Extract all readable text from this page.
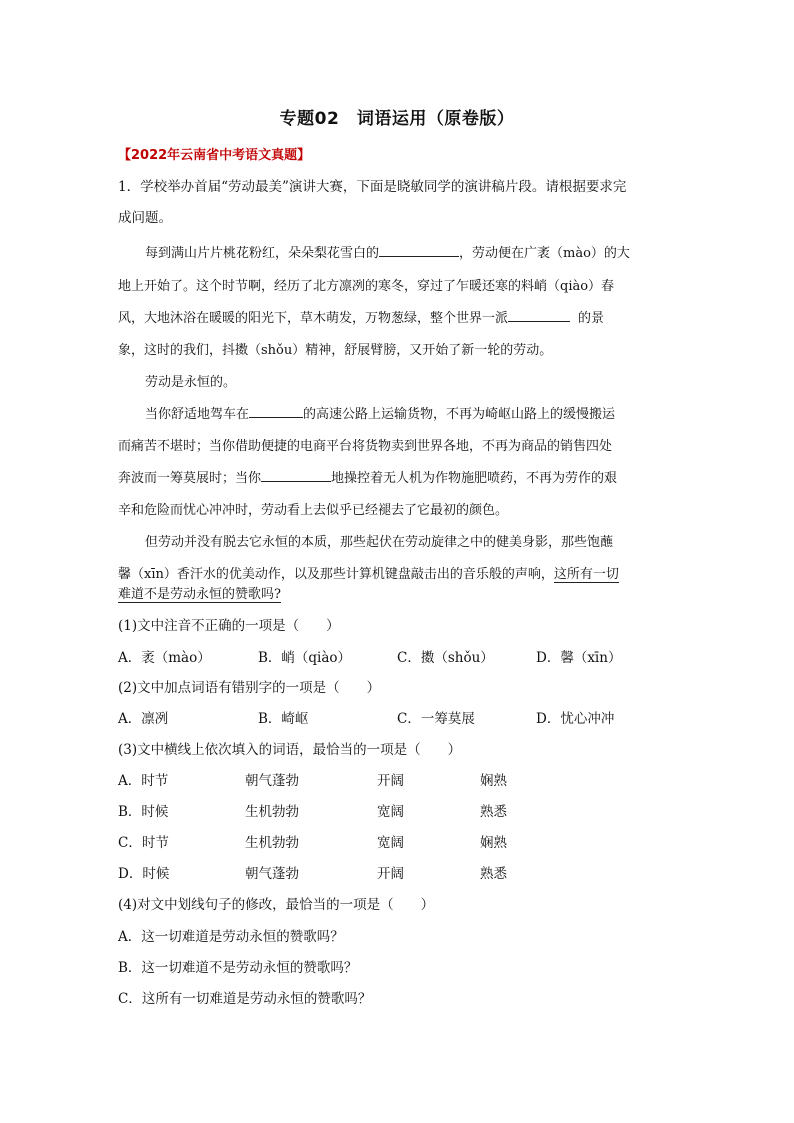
专题02　词语运用（原卷版）
【2022年云南省中考语文真题】
1．学校举办首届“劳动最美”演讲大赛，下面是晓敏同学的演讲稿片段。请根据要求完
成问题。
每到满山片片桃花粉红，朵朵梨花雪白的	，劳动便在广袤（mào）的大
地上开始了。这个时节啊，经历了北方凛冽的寒冬，穿过了乍暖还寒的料峭（qiào）春
风，大地沐浴在暖暖的阳光下，草木萌发，万物葱绿，整个世界一派	的景
象，这时的我们，抖擞（shǒu）精神，舒展臂膀，又开始了新一轮的劳动。
劳动是永恒的。
当你舒适地驾车在	的高速公路上运输货物，不再为崎岖山路上的缓慢搬运
而痛苦不堪时；当你借助便捷的电商平台将货物卖到世界各地，不再为商品的销售四处
奔波而一筹莫展时；当你	地操控着无人机为作物施肥喷药，不再为劳作的艰
辛和危险而忧心冲冲时，劳动看上去似乎已经褪去了它最初的颜色。
但劳动并没有脱去它永恒的本质，那些起伏在劳动旋律之中的健美身影，那些饱蘸
馨（xīn）香汗水的优美动作，以及那些计算机键盘敲击出的音乐般的声响，这所有一切
难道不是劳动永恒的赞歌吗?
(1)文中注音不正确的一项是（　　）
A．袤（mào）	B．峭（qiào）	C．擞（shǒu）	D．馨（xīn）
(2)文中加点词语有错别字的一项是（　　）
A．凛冽	B．崎岖	C．一筹莫展	D．忧心冲冲
(3)文中横线上依次填入的词语，最恰当的一项是（　　）
A．时节	朝气蓬勃	开阔	娴熟
B．时候	生机勃勃	宽阔	熟悉
C．时节	生机勃勃	宽阔	娴熟
D．时候	朝气蓬勃	开阔	熟悉
(4)对文中划线句子的修改，最恰当的一项是（　　）
A．这一切难道是劳动永恒的赞歌吗？
B．这一切难道不是劳动永恒的赞歌吗？
C．这所有一切难道是劳动永恒的赞歌吗？
